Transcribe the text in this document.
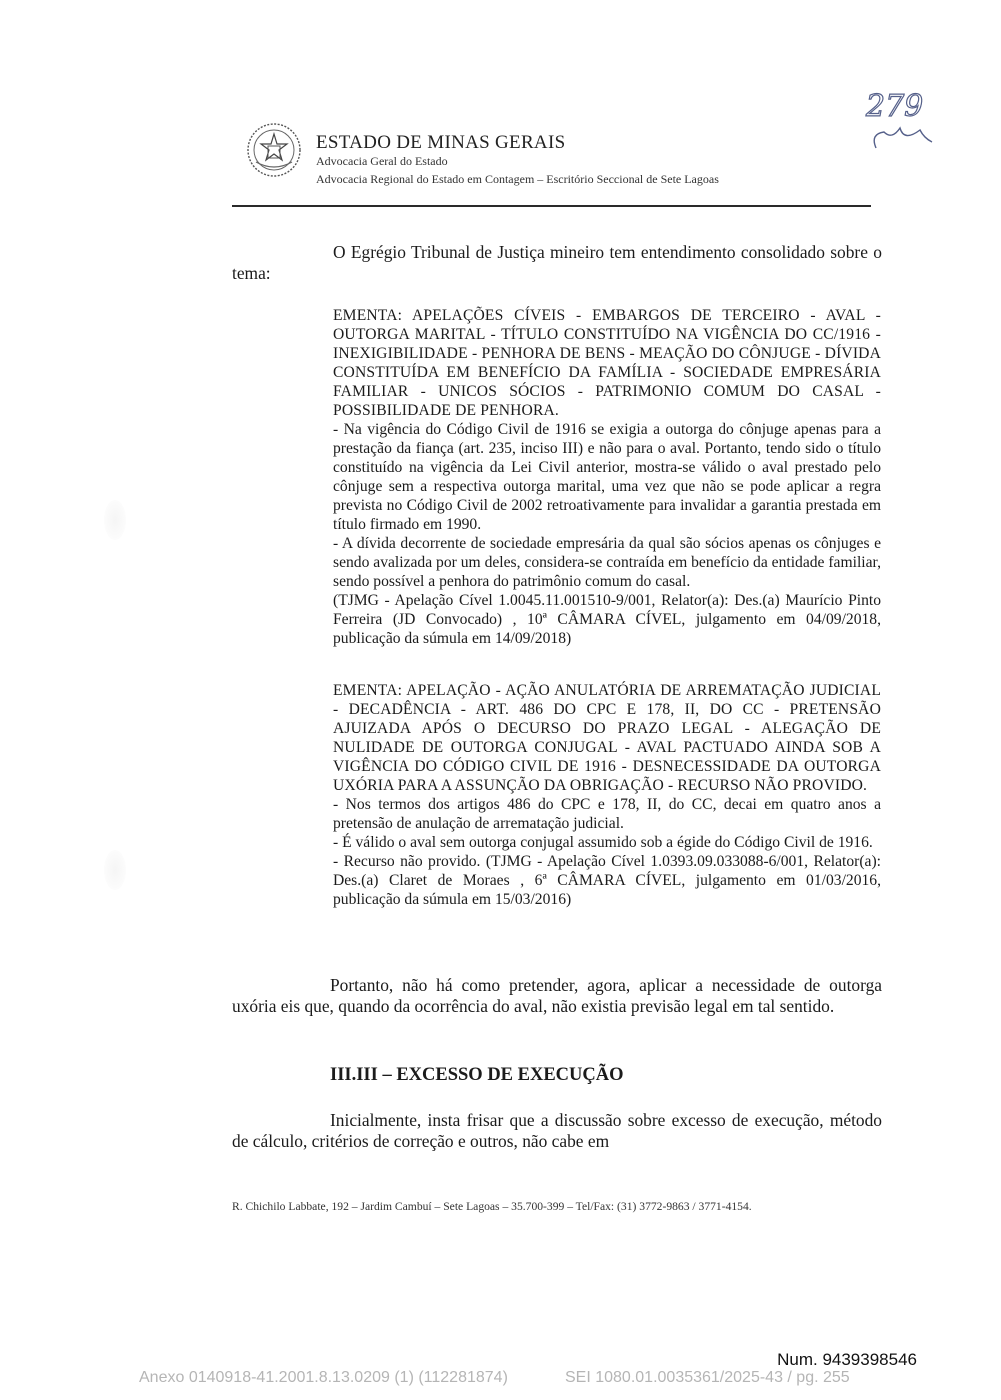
ESTADO DE MINAS GERAIS
Advocacia Geral do Estado
Advocacia Regional do Estado em Contagem – Escritório Seccional de Sete Lagoas
279
O Egrégio Tribunal de Justiça mineiro tem entendimento consolidado sobre o tema:

EMENTA: APELAÇÕES CÍVEIS - EMBARGOS DE TERCEIRO - AVAL - OUTORGA MARITAL - TÍTULO CONSTITUÍDO NA VIGÊNCIA DO CC/1916 - INEXIGIBILIDADE - PENHORA DE BENS - MEAÇÃO DO CÔNJUGE - DÍVIDA CONSTITUÍDA EM BENEFÍCIO DA FAMÍLIA - SOCIEDADE EMPRESÁRIA FAMILIAR - UNICOS SÓCIOS - PATRIMONIO COMUM DO CASAL - POSSIBILIDADE DE PENHORA.

- Na vigência do Código Civil de 1916 se exigia a outorga do cônjuge apenas para a prestação da fiança (art. 235, inciso III) e não para o aval. Portanto, tendo sido o título constituído na vigência da Lei Civil anterior, mostra-se válido o aval prestado pelo cônjuge sem a respectiva outorga marital, uma vez que não se pode aplicar a regra prevista no Código Civil de 2002 retroativamente para invalidar a garantia prestada em título firmado em 1990.

- A dívida decorrente de sociedade empresária da qual são sócios apenas os cônjuges e sendo avalizada por um deles, considera-se contraída em benefício da entidade familiar, sendo possível a penhora do patrimônio comum do casal.

(TJMG - Apelação Cível 1.0045.11.001510-9/001, Relator(a): Des.(a) Maurício Pinto Ferreira (JD Convocado) , 10ª CÂMARA CÍVEL, julgamento em 04/09/2018, publicação da súmula em 14/09/2018)

EMENTA: APELAÇÃO - AÇÃO ANULATÓRIA DE ARREMATAÇÃO JUDICIAL - DECADÊNCIA - ART. 486 DO CPC E 178, II, DO CC - PRETENSÃO AJUIZADA APÓS O DECURSO DO PRAZO LEGAL - ALEGAÇÃO DE NULIDADE DE OUTORGA CONJUGAL - AVAL PACTUADO AINDA SOB A VIGÊNCIA DO CÓDIGO CIVIL DE 1916 - DESNECESSIDADE DA OUTORGA UXÓRIA PARA A ASSUNÇÃO DA OBRIGAÇÃO - RECURSO NÃO PROVIDO.

- Nos termos dos artigos 486 do CPC e 178, II, do CC, decai em quatro anos a pretensão de anulação de arrematação judicial.

- É válido o aval sem outorga conjugal assumido sob a égide do Código Civil de 1916.

- Recurso não provido. (TJMG - Apelação Cível 1.0393.09.033088-6/001, Relator(a): Des.(a) Claret de Moraes , 6ª CÂMARA CÍVEL, julgamento em 01/03/2016, publicação da súmula em 15/03/2016)

Portanto, não há como pretender, agora, aplicar a necessidade de outorga uxória eis que, quando da ocorrência do aval, não existia previsão legal em tal sentido.
III.III – EXCESSO DE EXECUÇÃO
Inicialmente, insta frisar que a discussão sobre excesso de execução, método de cálculo, critérios de correção e outros, não cabe em
R. Chichilo Labbate, 192 – Jardim Cambuí – Sete Lagoas – 35.700-399 – Tel/Fax: (31) 3772-9863 / 3771-4154.
Num. 9439398546
Anexo 0140918-41.2001.8.13.0209 (1) (112281874)	SEI 1080.01.0035361/2025-43 / pg. 255
